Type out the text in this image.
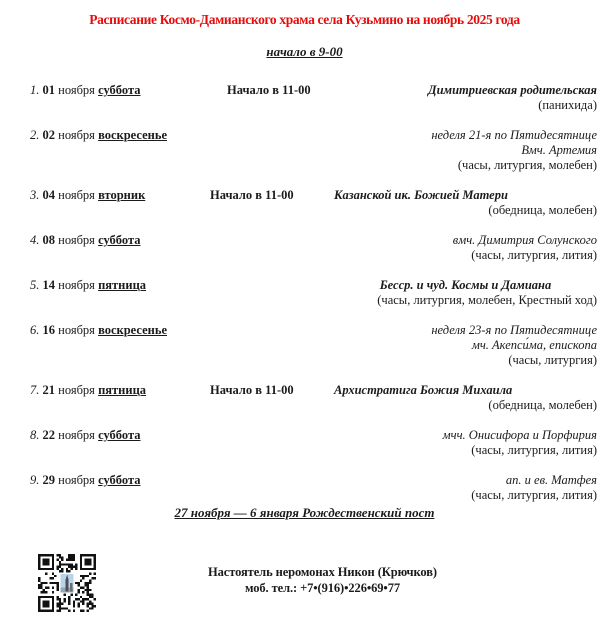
Расписание Космо-Дамианского храма села Кузьмино на ноябрь 2025 года
начало в 9-00
1. 01 ноября суббота	Начало в 11-00	Димитриевская родительская
(панихида)
2. 02 ноября воскресенье	неделя 21-я по Пятидесятнице
Вмч. Артемия
(часы, литургия, молебен)
3. 04 ноября вторник	Начало в 11-00	Казанской ик. Божией Матери
(обедница, молебен)
4. 08 ноября суббота	вмч. Димитрия Солунского
(часы, литургия, лития)
5. 14 ноября пятница	Бесср. и чуд. Космы и Дамиана
(часы, литургия, молебен, Крестный ход)
6. 16 ноября воскресенье	неделя 23-я по Пятидесятнице
мч. Акепси́ма, епископа
(часы, литургия)
7. 21 ноября пятница	Начало в 11-00	Архистратига Божия Михаила
(обедница, молебен)
8. 22 ноября суббота	мчч. Онисифора и Порфирия
(часы, литургия, лития)
9. 29 ноября суббота	ап. и ев. Матфея
(часы, литургия, лития)
27 ноября — 6 января Рождественский пост
Настоятель неромонах Никон (Крючков)
моб. тел.: +7•(916)•226•69•77
